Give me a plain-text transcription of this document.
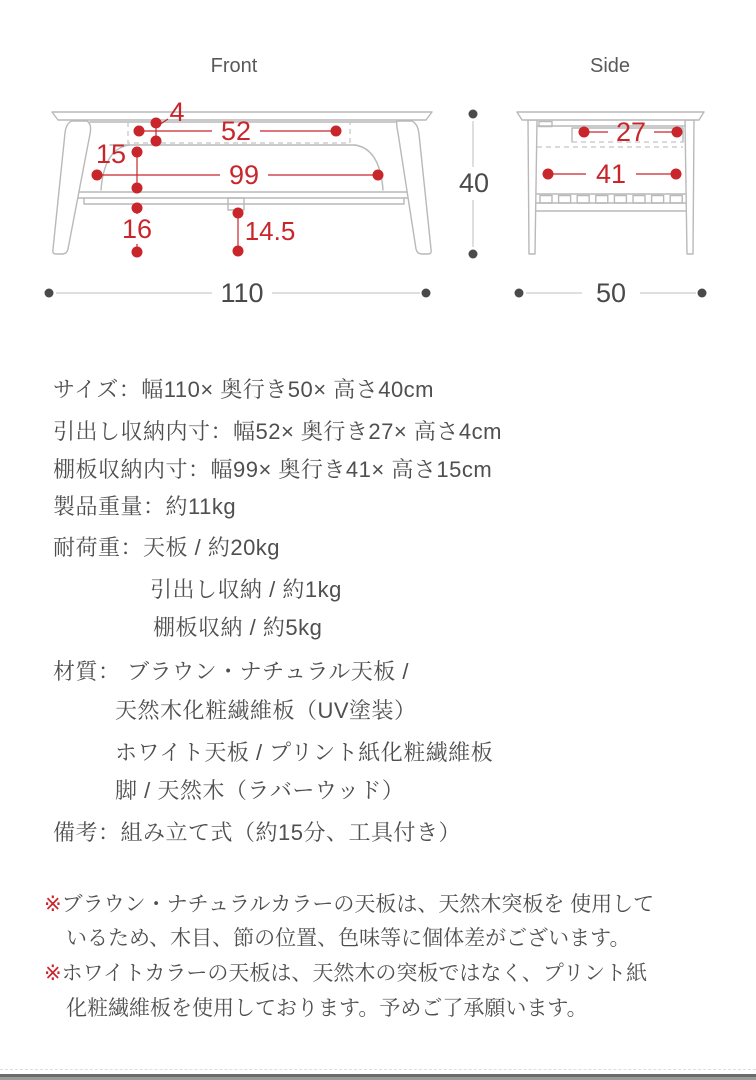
Front
52
4
15
99
16	14.5
110
Side
27
41
40
50
サイズ：幅110× 奥行き50× 高さ40cm
引出し収納内寸：幅52× 奥行き27× 高さ4cm
棚板収納内寸：幅99× 奥行き41× 高さ15cm
製品重量：約11kg
耐荷重：天板 / 約20kg
引出し収納 / 約1kg
棚板収納 / 約5kg
材質： ブラウン・ナチュラル天板 /
天然木化粧繊維板（UV塗装）
ホワイト天板 / プリント紙化粧繊維板
脚 / 天然木（ラバーウッド）
備考：組み立て式（約15分、工具付き）
※ブラウン・ナチュラルカラーの天板は、天然木突板を 使用して
いるため、木目、節の位置、色味等に個体差がございます。
※ホワイトカラーの天板は、天然木の突板ではなく、プリント紙
化粧繊維板を使用しております。予めご了承願います。
